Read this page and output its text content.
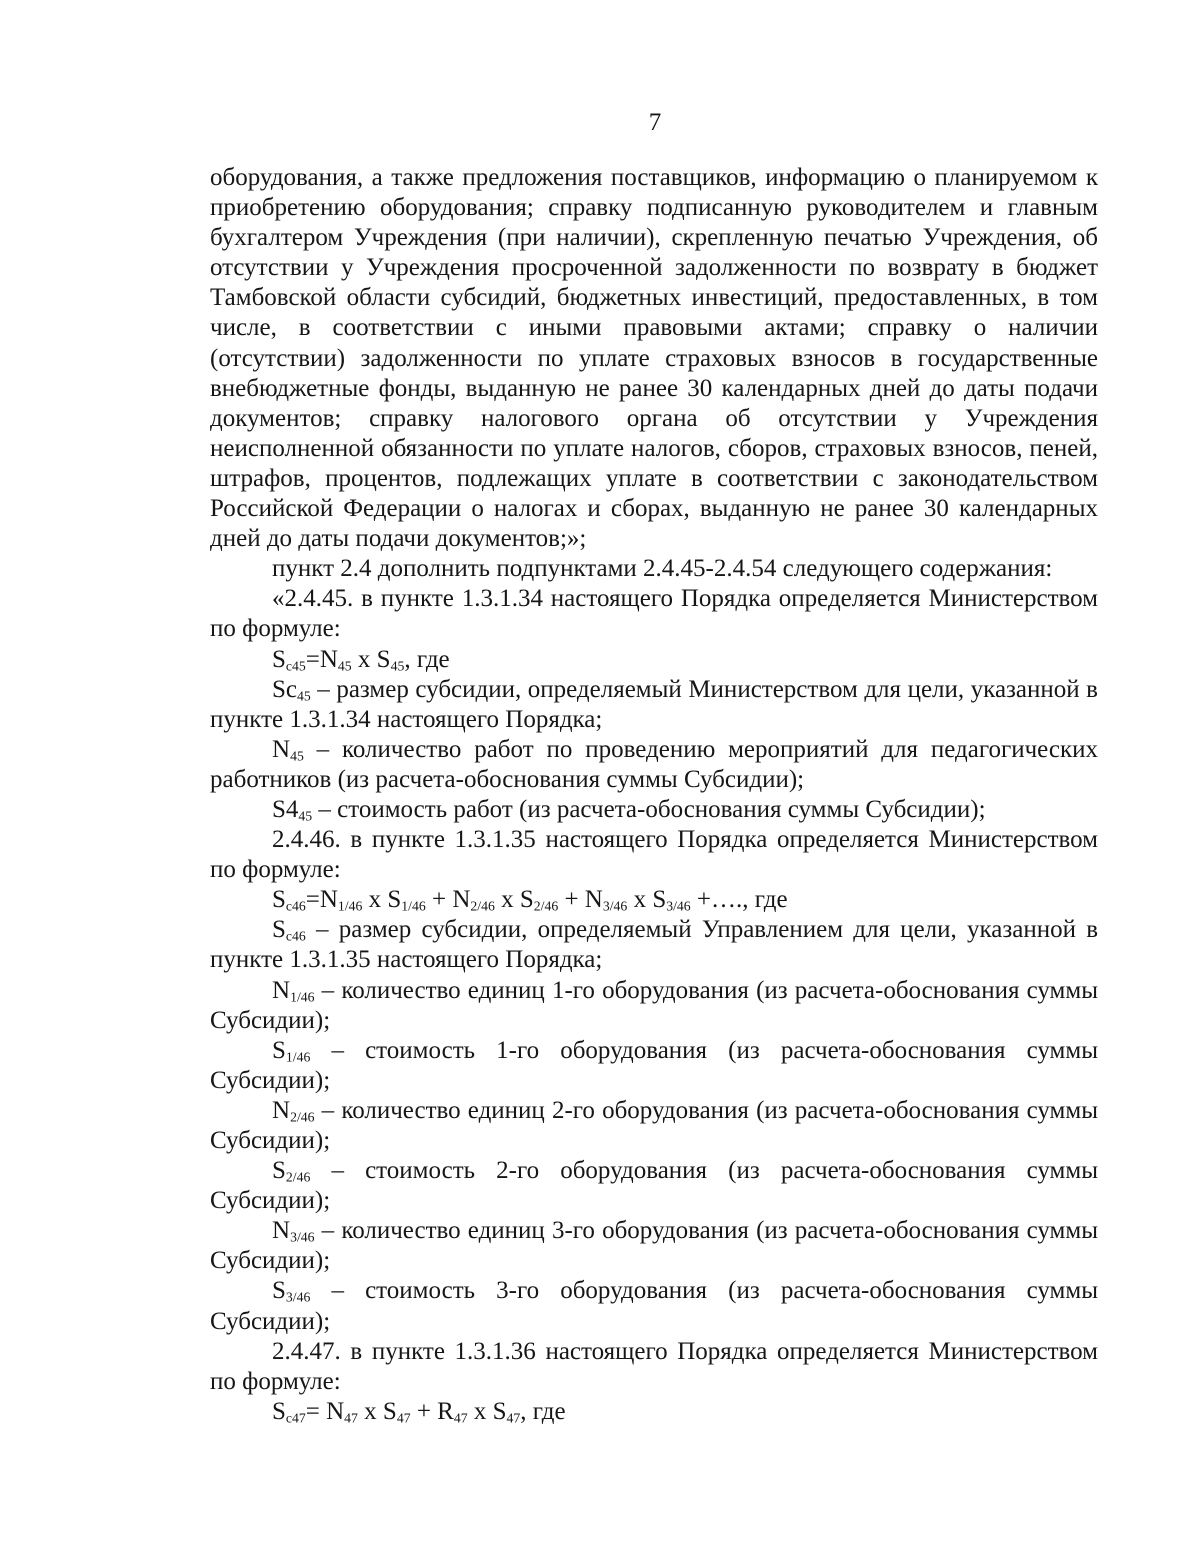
7

оборудования, а также предложения поставщиков, информацию о планируемом к приобретению оборудования; справку подписанную руководителем и главным бухгалтером Учреждения (при наличии), скрепленную печатью Учреждения, об отсутствии у Учреждения просроченной задолженности по возврату в бюджет Тамбовской области субсидий, бюджетных инвестиций, предоставленных, в том числе, в соответствии с иными правовыми актами; справку о наличии (отсутствии) задолженности по уплате страховых взносов в государственные внебюджетные фонды, выданную не ранее 30 календарных дней до даты подачи документов; справку налогового органа об отсутствии у Учреждения неисполненной обязанности по уплате налогов, сборов, страховых взносов, пеней, штрафов, процентов, подлежащих уплате в соответствии с законодательством Российской Федерации о налогах и сборах, выданную не ранее 30 календарных дней до даты подачи документов;»;

пункт 2.4 дополнить подпунктами 2.4.45-2.4.54 следующего содержания:

«2.4.45. в пункте 1.3.1.34 настоящего Порядка определяется Министерством по формуле:

$S_{c45}=N_{45}$ х $S_{45}$, где

$Sc_{45}$ – размер субсидии, определяемый Министерством для цели, указанной в пункте 1.3.1.34 настоящего Порядка;

$N_{45}$ – количество работ по проведению мероприятий для педагогических работников (из расчета-обоснования суммы Субсидии);

$S4_{45}$ – стоимость работ (из расчета-обоснования суммы Субсидии);

2.4.46. в пункте 1.3.1.35 настоящего Порядка определяется Министерством по формуле:

$S_{c46}=N_{1/46}$ х $S_{1/46} + N_{2/46}$ х $S_{2/46} + N_{3/46}$ х $S_{3/46}$ +…., где

$S_{c46}$ – размер субсидии, определяемый Управлением для цели, указанной в пункте 1.3.1.35 настоящего Порядка;

$N_{1/46}$ – количество единиц 1-го оборудования (из расчета-обоснования суммы Субсидии);

$S_{1/46}$ – стоимость 1-го оборудования (из расчета-обоснования суммы Субсидии);

$N_{2/46}$ – количество единиц 2-го оборудования (из расчета-обоснования суммы Субсидии);

$S_{2/46}$ – стоимость 2-го оборудования (из расчета-обоснования суммы Субсидии);

$N_{3/46}$ – количество единиц 3-го оборудования (из расчета-обоснования суммы Субсидии);

$S_{3/46}$ – стоимость 3-го оборудования (из расчета-обоснования суммы Субсидии);

2.4.47. в пункте 1.3.1.36 настоящего Порядка определяется Министерством по формуле:

$S_{c47}= N_{47}$ х $S_{47} + R_{47}$ х $S_{47}$, где
